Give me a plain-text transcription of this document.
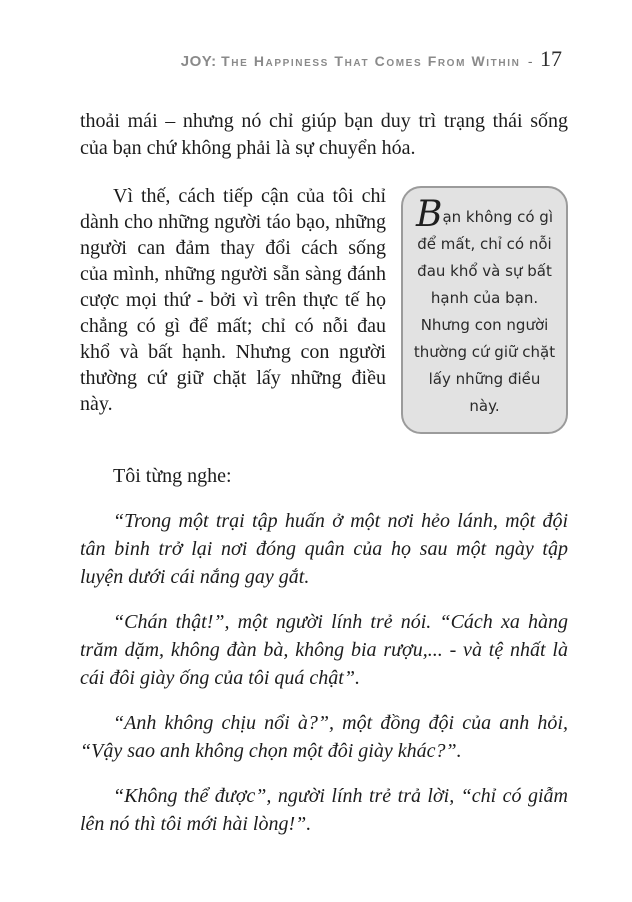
JOY: The Happiness That Comes From Within - 17

thoải mái – nhưng nó chỉ giúp bạn duy trì trạng thái sống của bạn chứ không phải là sự chuyển hóa.

Bạn không có gì để mất, chỉ có nỗi đau khổ và sự bất hạnh của bạn. Nhưng con người thường cứ giữ chặt lấy những điều này.

Vì thế, cách tiếp cận của tôi chỉ dành cho những người táo bạo, những người can đảm thay đổi cách sống của mình, những người sẵn sàng đánh cược mọi thứ - bởi vì trên thực tế họ chẳng có gì để mất; chỉ có nỗi đau khổ và bất hạnh. Nhưng con người thường cứ giữ chặt lấy những điều này.

Tôi từng nghe:

“Trong một trại tập huấn ở một nơi hẻo lánh, một đội tân binh trở lại nơi đóng quân của họ sau một ngày tập luyện dưới cái nắng gay gắt.

“Chán thật!”, một người lính trẻ nói. “Cách xa hàng trăm dặm, không đàn bà, không bia rượu,... - và tệ nhất là cái đôi giày ống của tôi quá chật”.

“Anh không chịu nổi à?”, một đồng đội của anh hỏi, “Vậy sao anh không chọn một đôi giày khác?”.

“Không thể được”, người lính trẻ trả lời, “chỉ có giẫm lên nó thì tôi mới hài lòng!”.
